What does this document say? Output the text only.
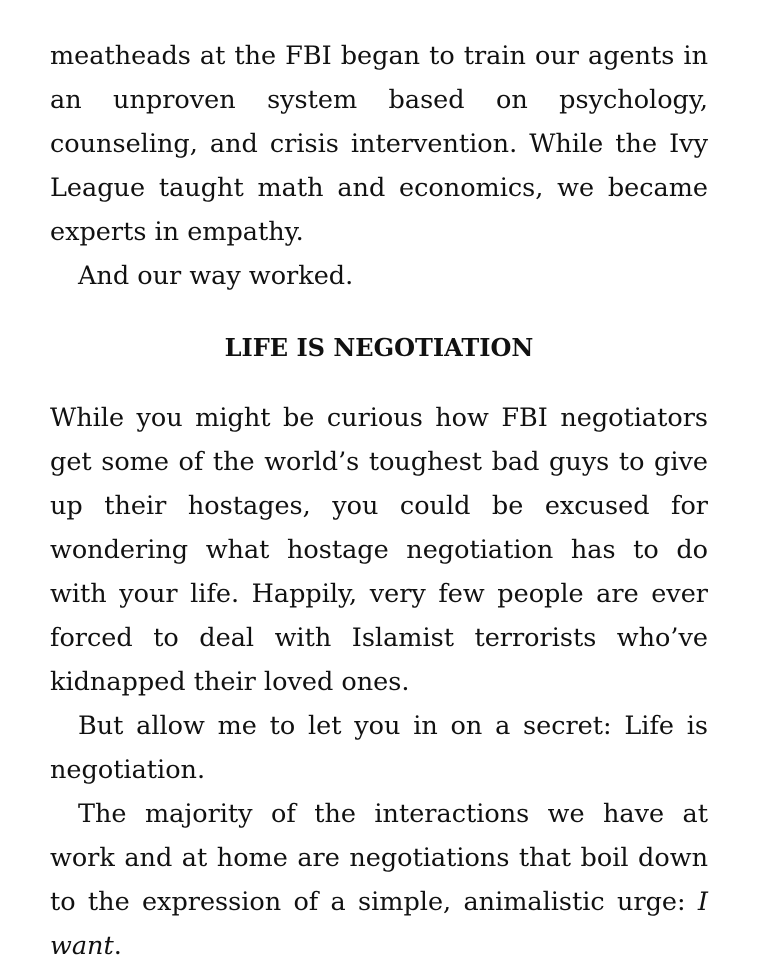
meatheads at the FBI began to train our agents in an unproven system based on psychology, counseling, and crisis intervention. While the Ivy League taught math and economics, we became experts in empathy.

And our way worked.

LIFE IS NEGOTIATION

While you might be curious how FBI negotiators get some of the world’s toughest bad guys to give up their hostages, you could be excused for wondering what hostage negotiation has to do with your life. Happily, very few people are ever forced to deal with Islamist terrorists who’ve kidnapped their loved ones.

But allow me to let you in on a secret: Life is negotiation.

The majority of the interactions we have at work and at home are negotiations that boil down to the expression of a simple, animalistic urge: I want.
